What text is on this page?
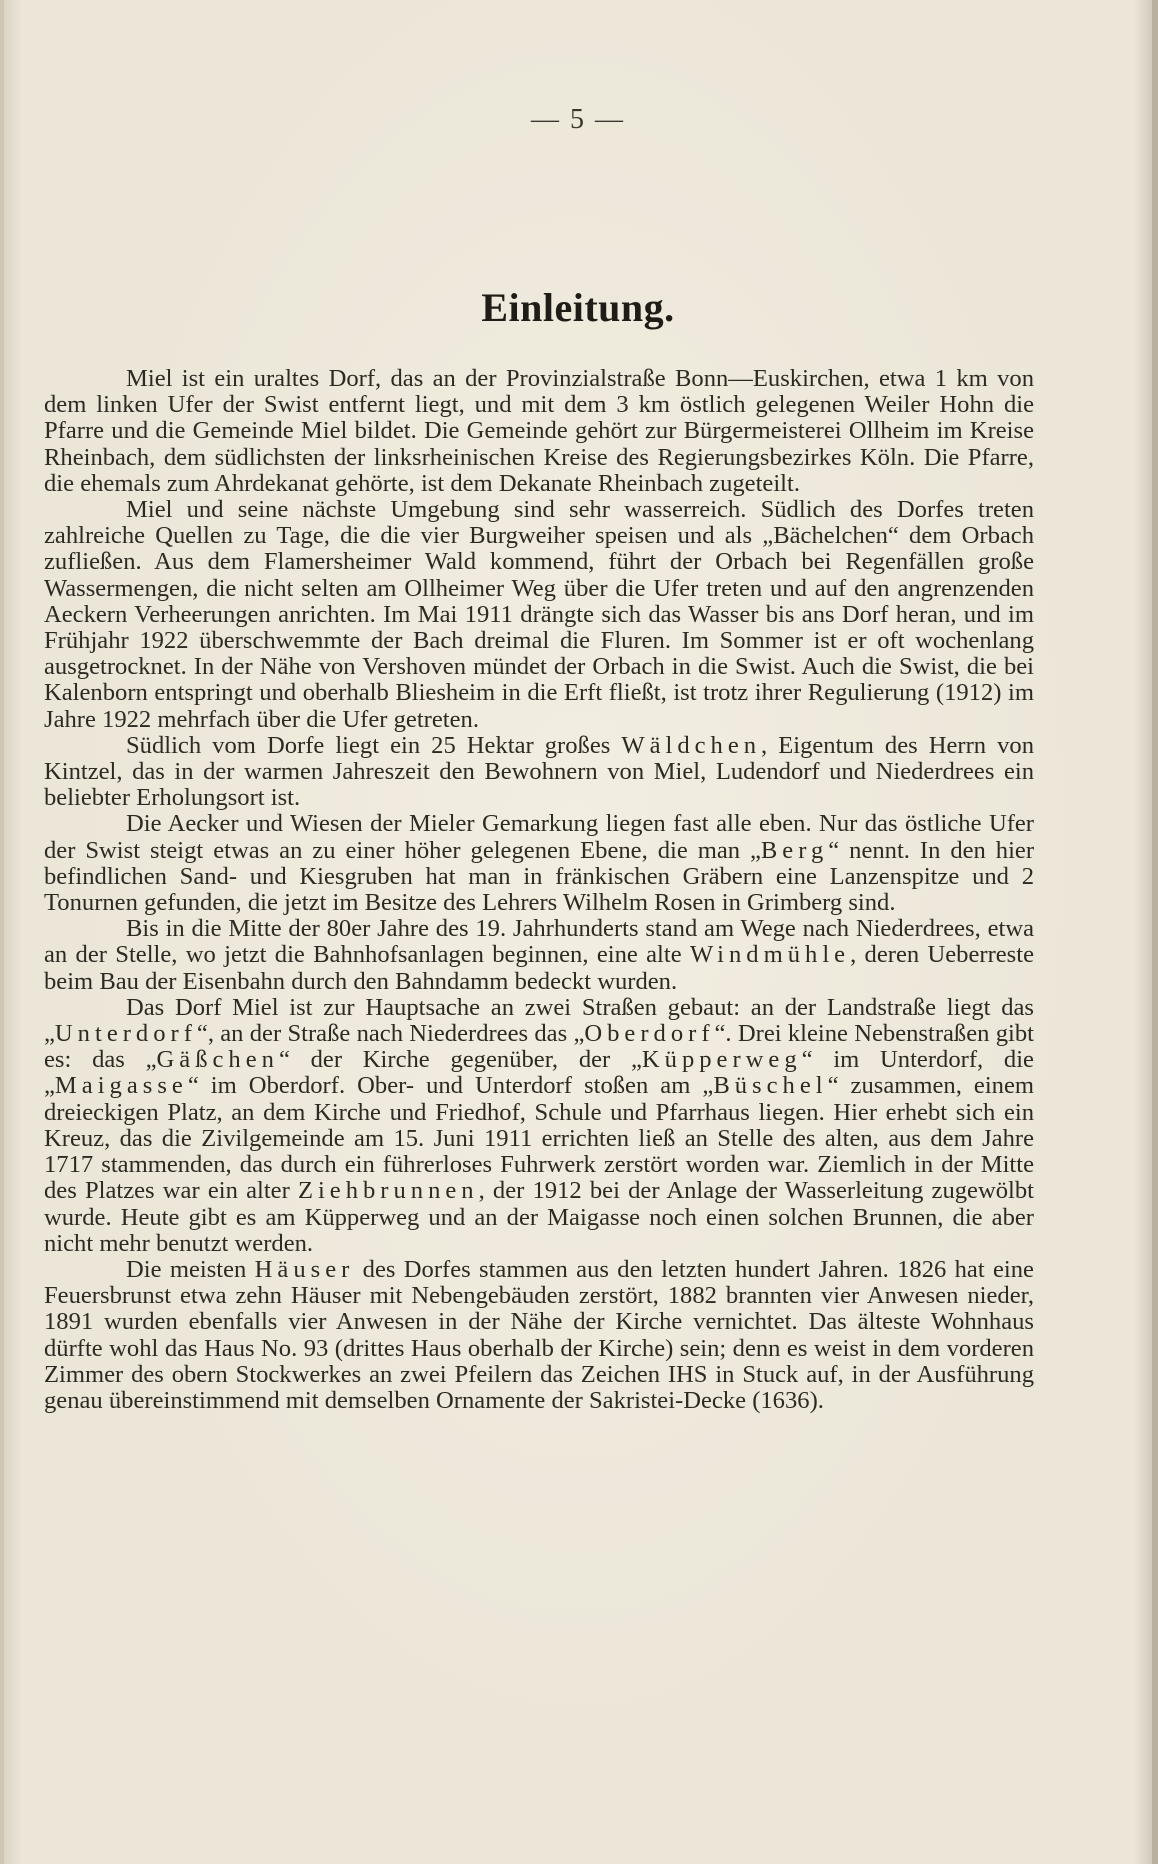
— 5 —
Einleitung.

Miel ist ein uraltes Dorf, das an der Provinzialstraße Bonn—Euskirchen, etwa 1 km von dem linken Ufer der Swist entfernt liegt, und mit dem 3 km östlich gelegenen Weiler Hohn die Pfarre und die Gemeinde Miel bildet. Die Gemeinde gehört zur Bürgermeisterei Ollheim im Kreise Rheinbach, dem südlichsten der linksrheinischen Kreise des Regierungsbezirkes Köln. Die Pfarre, die ehemals zum Ahrdekanat gehörte, ist dem Dekanate Rheinbach zugeteilt.

Miel und seine nächste Umgebung sind sehr wasserreich. Südlich des Dorfes treten zahlreiche Quellen zu Tage, die die vier Burgweiher speisen und als „Bächelchen“ dem Orbach zufließen. Aus dem Flamersheimer Wald kommend, führt der Orbach bei Regenfällen große Wassermengen, die nicht selten am Ollheimer Weg über die Ufer treten und auf den angrenzenden Aeckern Verheerungen anrichten. Im Mai 1911 drängte sich das Wasser bis ans Dorf heran, und im Frühjahr 1922 überschwemmte der Bach dreimal die Fluren. Im Sommer ist er oft wochenlang ausgetrocknet. In der Nähe von Vershoven mündet der Orbach in die Swist. Auch die Swist, die bei Kalenborn entspringt und oberhalb Bliesheim in die Erft fließt, ist trotz ihrer Regulierung (1912) im Jahre 1922 mehrfach über die Ufer getreten.

Südlich vom Dorfe liegt ein 25 Hektar großes Wäldchen, Eigentum des Herrn von Kintzel, das in der warmen Jahreszeit den Bewohnern von Miel, Ludendorf und Niederdrees ein beliebter Erholungsort ist.

Die Aecker und Wiesen der Mieler Gemarkung liegen fast alle eben. Nur das östliche Ufer der Swist steigt etwas an zu einer höher gelegenen Ebene, die man „Berg“ nennt. In den hier befindlichen Sand- und Kiesgruben hat man in fränkischen Gräbern eine Lanzenspitze und 2 Tonurnen gefunden, die jetzt im Besitze des Lehrers Wilhelm Rosen in Grimberg sind.

Bis in die Mitte der 80er Jahre des 19. Jahrhunderts stand am Wege nach Niederdrees, etwa an der Stelle, wo jetzt die Bahnhofsanlagen beginnen, eine alte Windmühle, deren Ueberreste beim Bau der Eisenbahn durch den Bahndamm bedeckt wurden.

Das Dorf Miel ist zur Hauptsache an zwei Straßen gebaut: an der Landstraße liegt das „Unterdorf“, an der Straße nach Niederdrees das „Oberdorf“. Drei kleine Nebenstraßen gibt es: das „Gäßchen“ der Kirche gegenüber, der „Küpperweg“ im Unterdorf, die „Maigasse“ im Oberdorf. Ober- und Unterdorf stoßen am „Büschel“ zusammen, einem dreieckigen Platz, an dem Kirche und Friedhof, Schule und Pfarrhaus liegen. Hier erhebt sich ein Kreuz, das die Zivilgemeinde am 15. Juni 1911 errichten ließ an Stelle des alten, aus dem Jahre 1717 stammenden, das durch ein führerloses Fuhrwerk zerstört worden war. Ziemlich in der Mitte des Platzes war ein alter Ziehbrunnen, der 1912 bei der Anlage der Wasserleitung zugewölbt wurde. Heute gibt es am Küpperweg und an der Maigasse noch einen solchen Brunnen, die aber nicht mehr benutzt werden.

Die meisten Häuser des Dorfes stammen aus den letzten hundert Jahren. 1826 hat eine Feuersbrunst etwa zehn Häuser mit Nebengebäuden zerstört, 1882 brannten vier Anwesen nieder, 1891 wurden ebenfalls vier Anwesen in der Nähe der Kirche vernichtet. Das älteste Wohnhaus dürfte wohl das Haus No. 93 (drittes Haus oberhalb der Kirche) sein; denn es weist in dem vorderen Zimmer des obern Stockwerkes an zwei Pfeilern das Zeichen IHS in Stuck auf, in der Ausführung genau übereinstimmend mit demselben Ornamente der Sakristei-Decke (1636).
